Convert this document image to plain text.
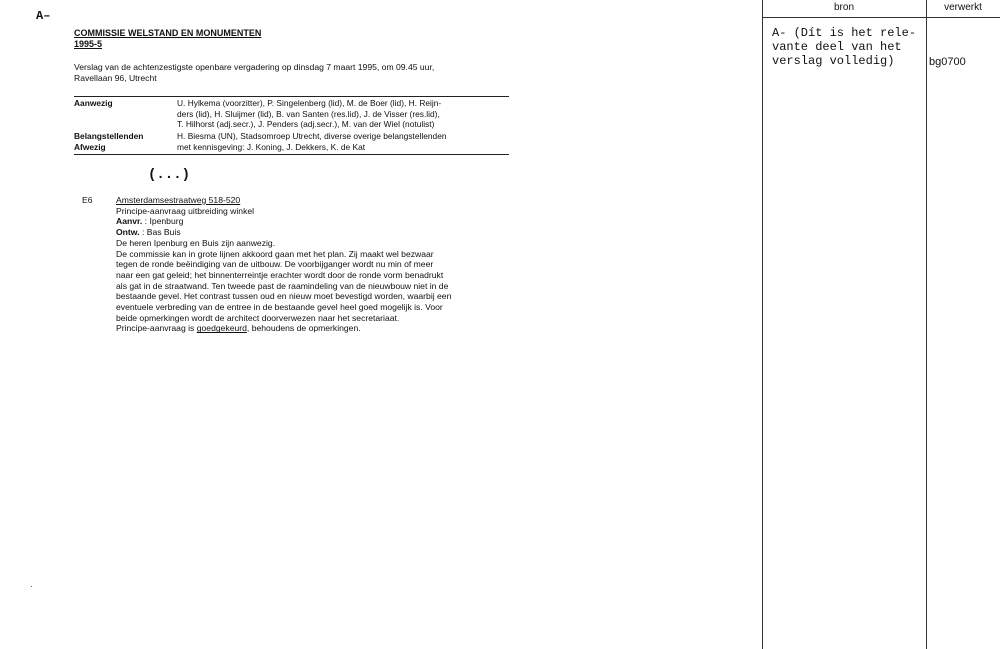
A–
COMMISSIE WELSTAND EN MONUMENTEN
1995-5
Verslag van de achtenzestigste openbare vergadering op dinsdag 7 maart 1995, om 09.45 uur,
Ravellaan 96, Utrecht
Aanwezig	U. Hylkema (voorzitter), P. Singelenberg (lid), M. de Boer (lid), H. Reijn-
ders (lid), H. Sluijmer (lid), B. van Santen (res.lid), J. de Visser (res.lid),
T. Hilhorst (adj.secr.), J. Penders (adj.secr.), M. van der Wiel (notulist)
Belangstellenden	H. Biesma (UN), Stadsomroep Utrecht, diverse overige belangstellenden
Afwezig	met kennisgeving: J. Koning, J. Dekkers, K. de Kat
(...)
E6	Amsterdamsestraatweg 518-520
Principe-aanvraag uitbreiding winkel
Aanvr. : Ipenburg
Ontw. : Bas Buis
De heren Ipenburg en Buis zijn aanwezig.
De commissie kan in grote lijnen akkoord gaan met het plan. Zij maakt wel bezwaar
tegen de ronde beëindiging van de uitbouw. De voorbijganger wordt nu min of meer
naar een gat geleid; het binnenterreintje erachter wordt door de ronde vorm benadrukt
als gat in de straatwand. Ten tweede past de raamindeling van de nieuwbouw niet in de
bestaande gevel. Het contrast tussen oud en nieuw moet bevestigd worden, waarbij een
eventuele verbreding van de entree in de bestaande gevel heel goed mogelijk is. Voor
beide opmerkingen wordt de architect doorverwezen naar het secretariaat.
Principe-aanvraag is goedgekeurd, behoudens de opmerkingen.
·
bron	verwerkt
A- (Dít is het rele-
vante deel van het
verslag volledig)	bg0700
